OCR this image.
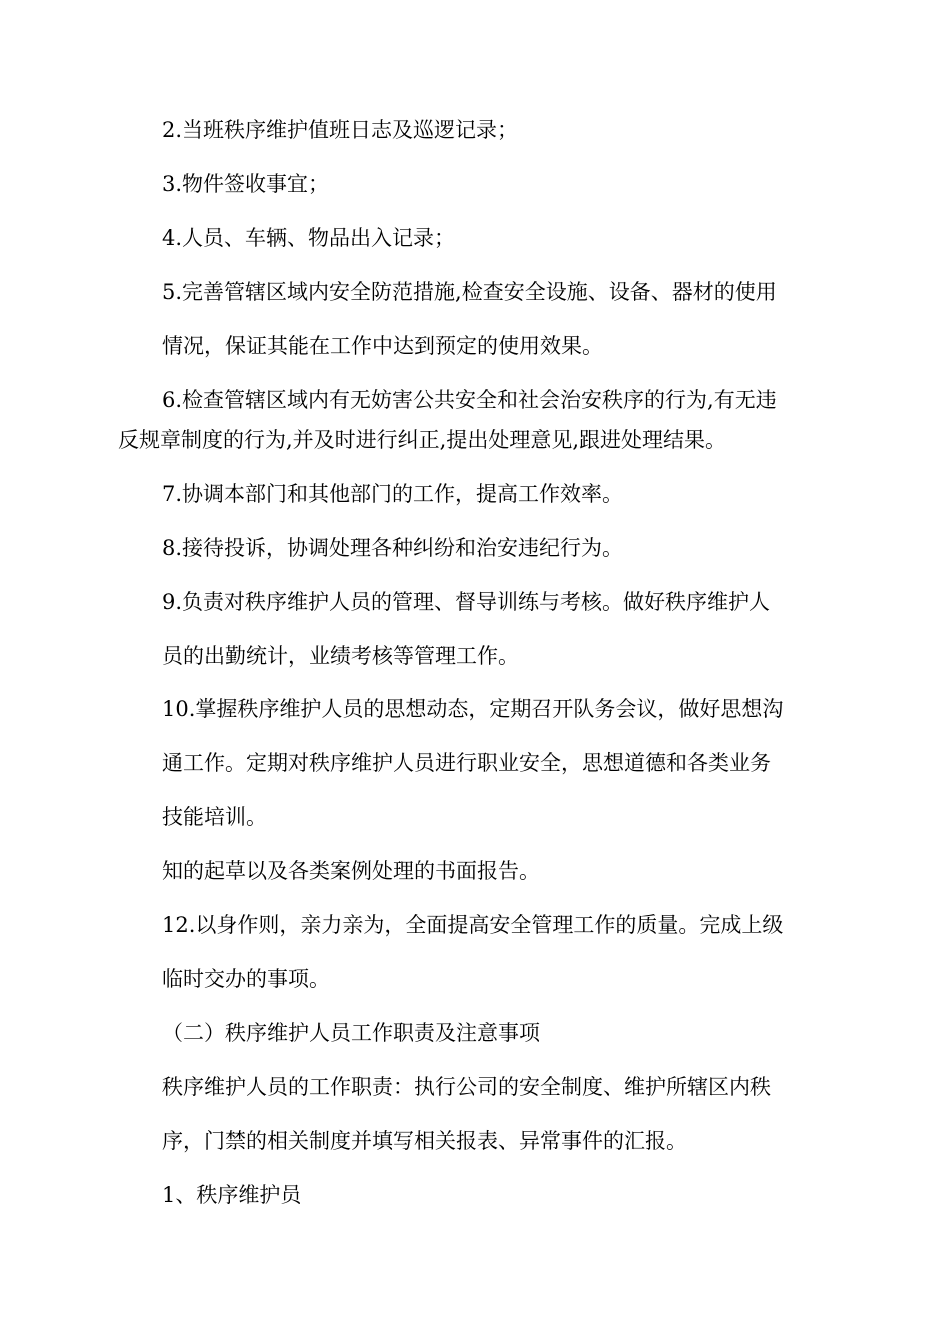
2.当班秩序维护值班日志及巡逻记录；
3.物件签收事宜；
4.人员、车辆、物品出入记录；
5.完善管辖区域内安全防范措施,检查安全设施、设备、器材的使用
情况，保证其能在工作中达到预定的使用效果。
6.检查管辖区域内有无妨害公共安全和社会治安秩序的行为,有无违
反规章制度的行为,并及时进行纠正,提出处理意见,跟进处理结果。
7.协调本部门和其他部门的工作，提高工作效率。
8.接待投诉，协调处理各种纠纷和治安违纪行为。
9.负责对秩序维护人员的管理、督导训练与考核。做好秩序维护人
员的出勤统计，业绩考核等管理工作。
10.掌握秩序维护人员的思想动态，定期召开队务会议，做好思想沟
通工作。定期对秩序维护人员进行职业安全，思想道德和各类业务
技能培训。
知的起草以及各类案例处理的书面报告。
12.以身作则，亲力亲为，全面提高安全管理工作的质量。完成上级
临时交办的事项。
（二）秩序维护人员工作职责及注意事项
秩序维护人员的工作职责：执行公司的安全制度、维护所辖区内秩
序，门禁的相关制度并填写相关报表、异常事件的汇报。
1、秩序维护员
